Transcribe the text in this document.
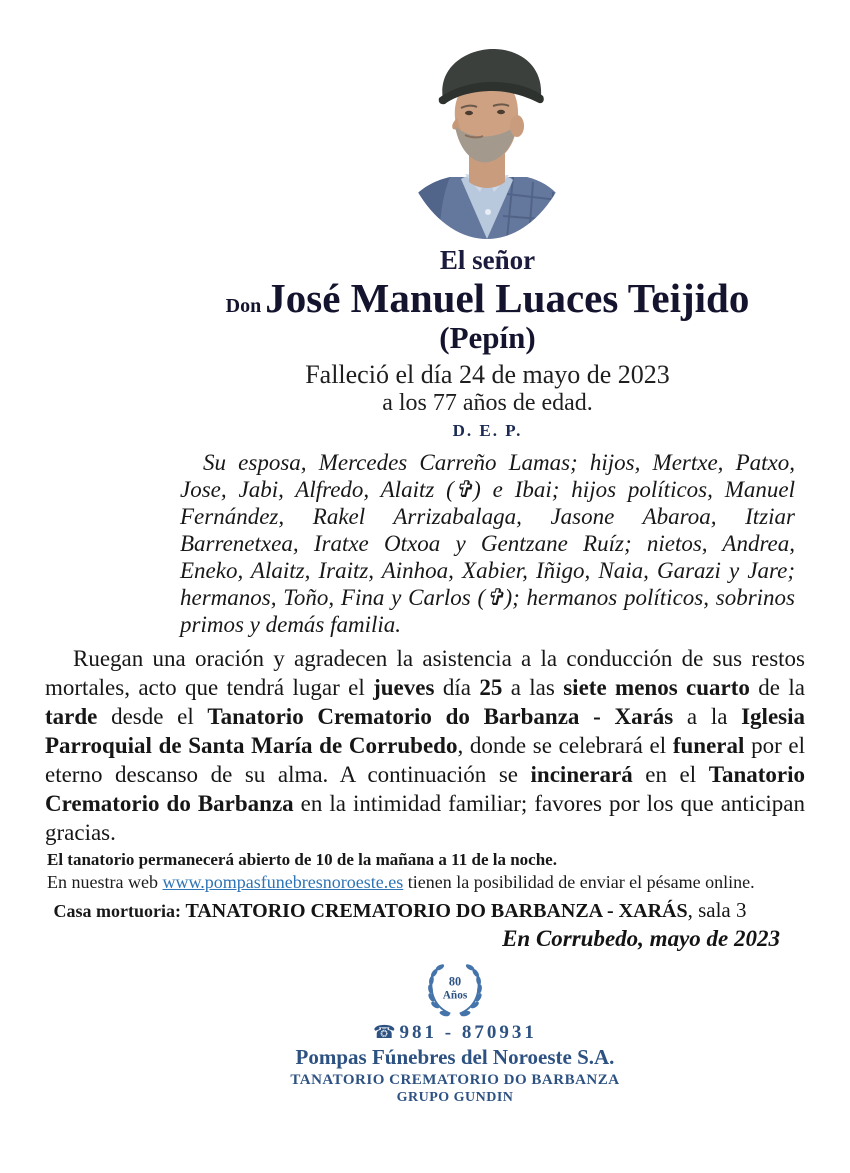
El señor
DonJosé Manuel Luaces Teijido
(Pepín)
Falleció el día 24 de mayo de 2023
a los 77 años de edad.
D. E. P.

Su esposa, Mercedes Carreño Lamas; hijos, Mertxe, Patxo, Jose, Jabi, Alfredo, Alaitz (✞) e Ibai; hijos políticos, Manuel Fernández, Rakel Arrizabalaga, Jasone Abaroa, Itziar Barrenetxea, Iratxe Otxoa y Gentzane Ruíz; nietos, Andrea, Eneko, Alaitz, Iraitz, Ainhoa, Xabier, Iñigo, Naia, Garazi y Jare; hermanos, Toño, Fina y Carlos (✞); hermanos políticos, sobrinos primos y demás familia.

Ruegan una oración y agradecen la asistencia a la conducción de sus restos mortales, acto que tendrá lugar el jueves día 25 a las siete menos cuarto de la tarde desde el Tanatorio Crematorio do Barbanza - Xarás a la Iglesia Parroquial de Santa María de Corrubedo, donde se celebrará el funeral por el eterno descanso de su alma. A continuación se incinerará en el Tanatorio Crematorio do Barbanza en la intimidad familiar; favores por los que anticipan gracias.

El tanatorio permanecerá abierto de 10 de la mañana a 11 de la noche.
En nuestra web www.pompasfunebresnoroeste.es tienen la posibilidad de enviar el pésame online.
Casa mortuoria: TANATORIO CREMATORIO DO BARBANZA - XARÁS, sala 3
En Corrubedo, mayo de 2023
80
Años
☎ 981 - 870931
Pompas Fúnebres del Noroeste S.A.
TANATORIO CREMATORIO DO BARBANZA
GRUPO GUNDIN
